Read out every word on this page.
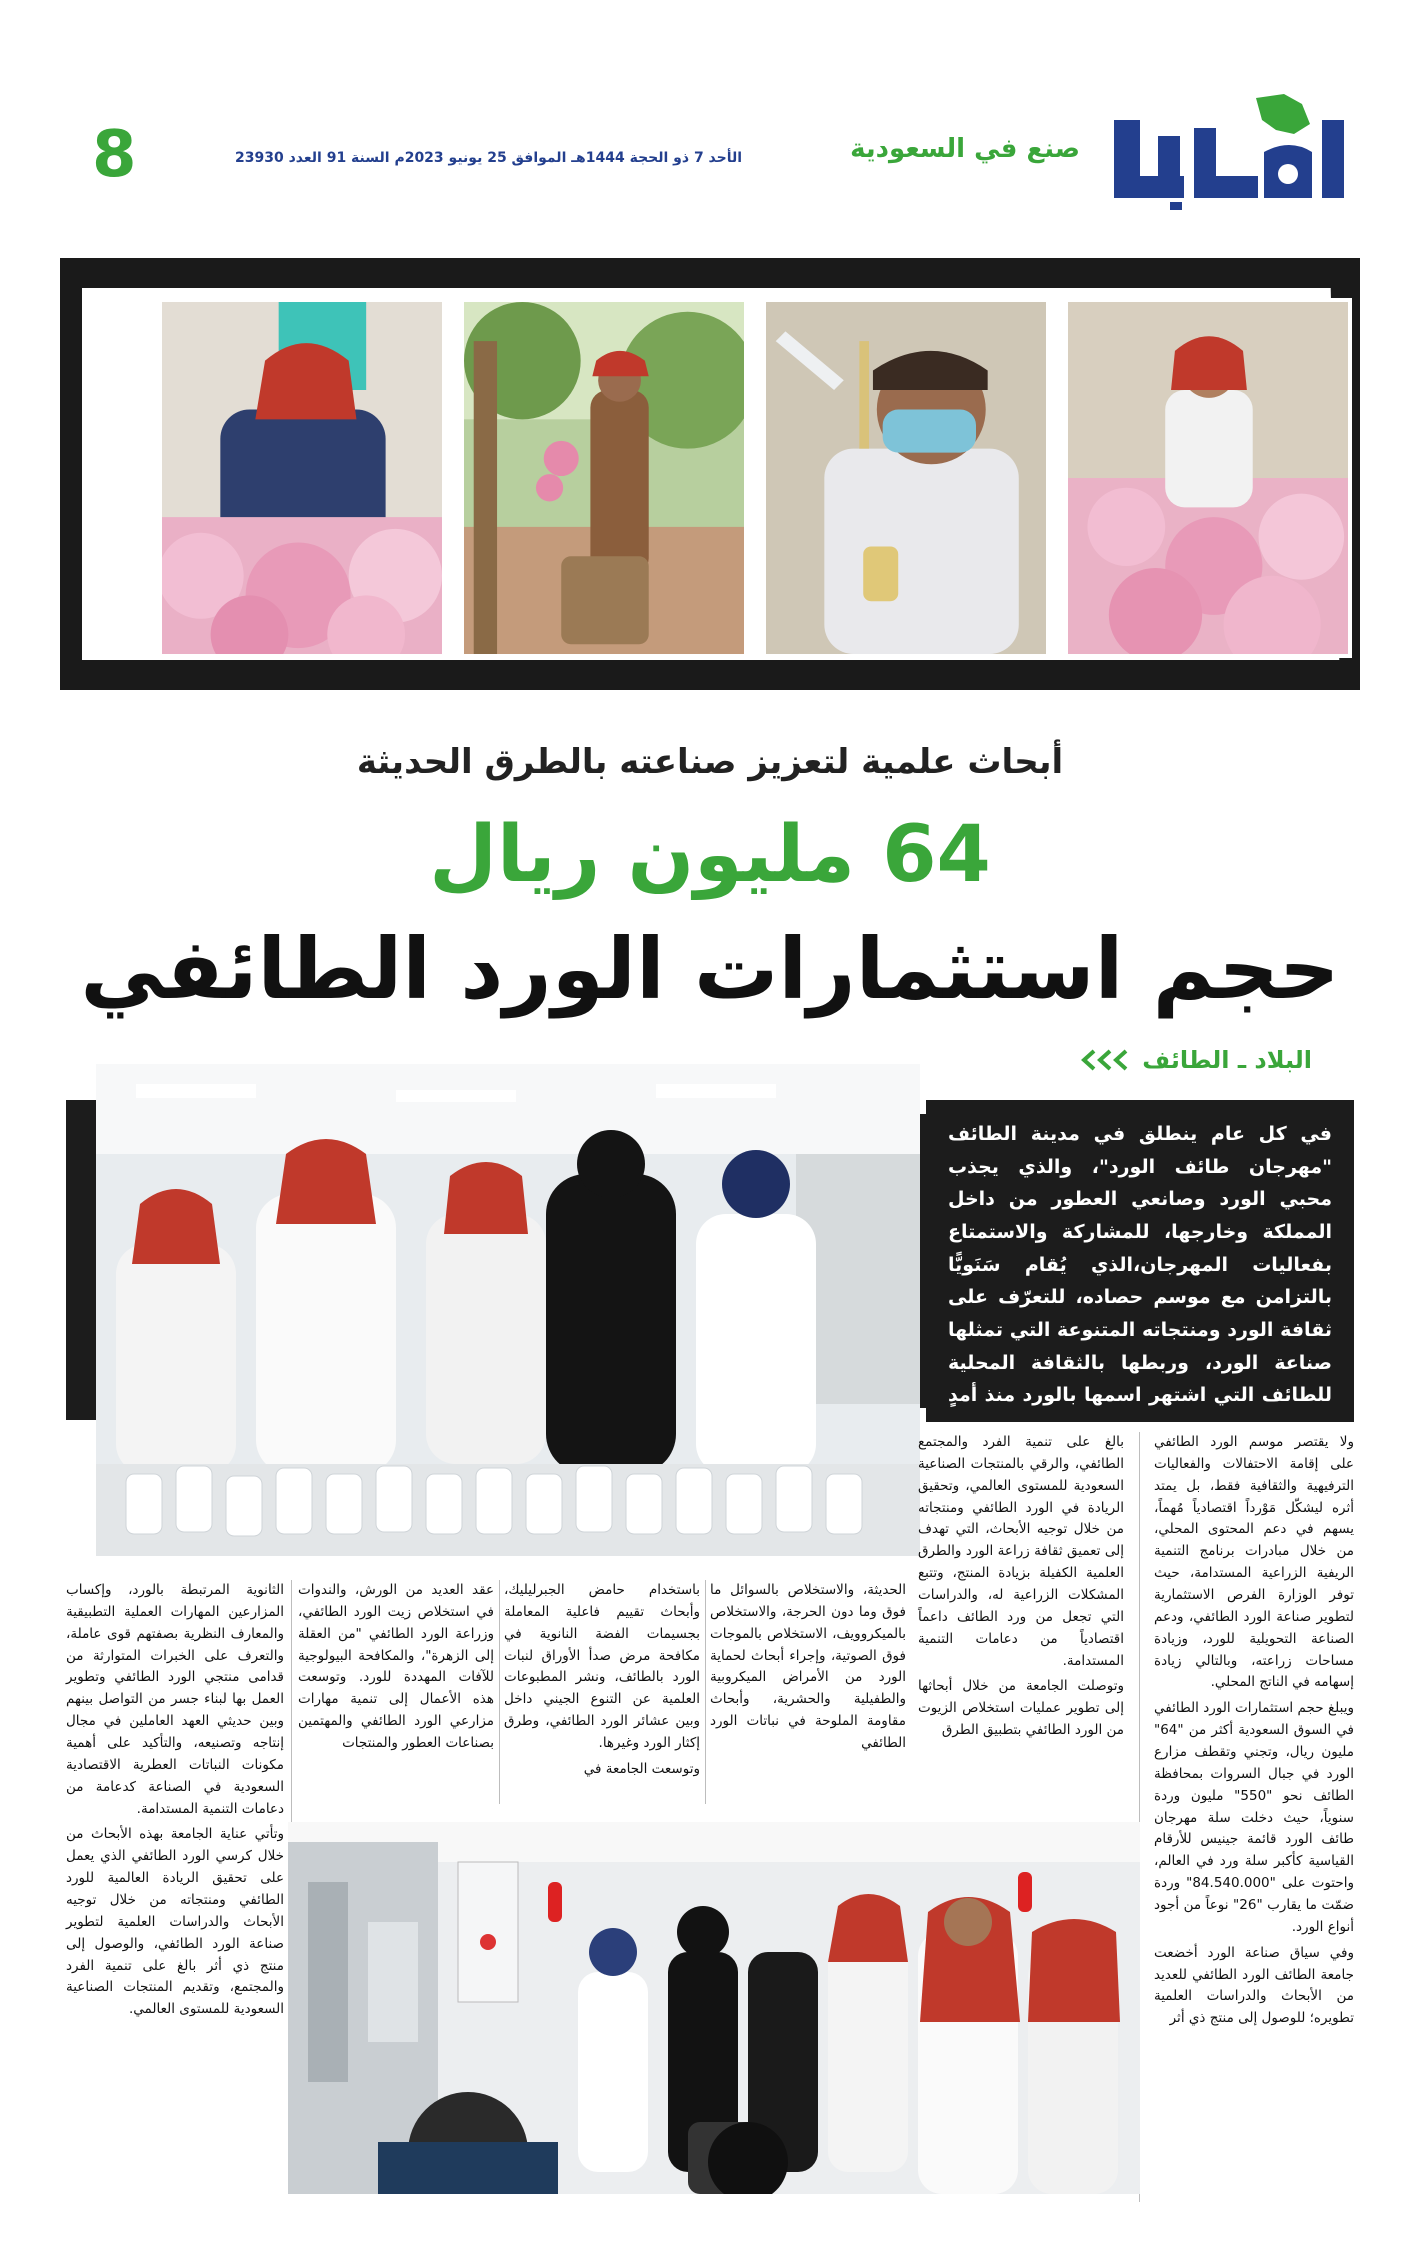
صنع في السعودية
الأحد 7 ذو الحجة 1444هـ الموافق 25 يونيو 2023م السنة 91 العدد 23930
8
أبحاث علمية لتعزيز صناعته بالطرق الحديثة
64 مليون ريال
حجم استثمارات الورد الطائفي
البلاد ـ الطائف
في كل عام ينطلق في مدينة الطائف "مهرجان طائف الورد"، والذي يجذب محبي الورد وصانعي العطور من داخل المملكة وخارجها، للمشاركة والاستمتاع بفعاليات المهرجان،الذي يُقام سَنَويًّا بالتزامن مع موسم حصاده، للتعرّف على ثقافة الورد ومنتجاته المتنوعة التي تمثلها صناعة الورد، وربطها بالثقافة المحلية للطائف التي اشتهر اسمها بالورد منذ أمدٍ بعيد.

ولا يقتصر موسم الورد الطائفي على إقامة الاحتفالات والفعاليات الترفيهية والثقافية فقط، بل يمتد أثره ليشكّل مَوْرداً اقتصادياً مُهماً، يسهم في دعم المحتوى المحلي، من خلال مبادرات برنامج التنمية الريفية الزراعية المستدامة، حيث توفر الوزارة الفرص الاستثمارية لتطوير صناعة الورد الطائفي، ودعم الصناعة التحويلية للورد، وزيادة مساحات زراعته، وبالتالي زيادة إسهامه في الناتج المحلي.

ويبلغ حجم استثمارات الورد الطائفي في السوق السعودية أكثر من "64" مليون ريال، وتجني وتقطف مزارع الورد في جبال السروات بمحافظة الطائف نحو "550" مليون وردة سنوياً، حيث دخلت سلة مهرجان طائف الورد قائمة جينيس للأرقام القياسية كأكبر سلة ورد في العالم، واحتوت على "84.540.000" وردة ضمّت ما يقارب "26" نوعاً من أجود أنواع الورد.

وفي سياق صناعة الورد أخضعت جامعة الطائف الورد الطائفي للعديد من الأبحاث والدراسات العلمية تطويره؛ للوصول إلى منتج ذي أثر

بالغ على تنمية الفرد والمجتمع الطائفي، والرقي بالمنتجات الصناعية السعودية للمستوى العالمي، وتحقيق الريادة في الورد الطائفي ومنتجاته من خلال توجيه الأبحاث، التي تهدف إلى تعميق ثقافة زراعة الورد والطرق العلمية الكفيلة بزيادة المنتج، وتتبع المشكلات الزراعية له، والدراسات التي تجعل من ورد الطائف داعماً اقتصادياً من دعامات التنمية المستدامة.

وتوصلت الجامعة من خلال أبحاثها إلى تطوير عمليات استخلاص الزيوت من الورد الطائفي بتطبيق الطرق

الحديثة، والاستخلاص بالسوائل ما فوق وما دون الحرجة، والاستخلاص بالميكروويف، الاستخلاص بالموجات فوق الصوتية، وإجراء أبحاث لحماية الورد من الأمراض الميكروبية والطفيلية والحشرية، وأبحاث مقاومة الملوحة في نباتات الورد الطائفي

باستخدام حامض الجبرليليك، وأبحاث تقييم فاعلية المعاملة بجسيمات الفضة النانوية في مكافحة مرض صدأ الأوراق لنبات الورد بالطائف، ونشر المطبوعات العلمية عن التنوع الجيني داخل وبين عشائر الورد الطائفي، وطرق إكثار الورد وغيرها.

وتوسعت الجامعة في

عقد العديد من الورش، والندوات في استخلاص زيت الورد الطائفي، وزراعة الورد الطائفي "من العقلة إلى الزهرة"، والمكافحة البيولوجية للآفات المهددة للورد. وتوسعت هذه الأعمال إلى تنمية مهارات مزارعي الورد الطائفي والمهتمين بصناعات العطور والمنتجات

الثانوية المرتبطة بالورد، وإكساب المزارعين المهارات العملية التطبيقية والمعارف النظرية بصفتهم قوى عاملة، والتعرف على الخبرات المتوارثة من قدامى منتجي الورد الطائفي وتطوير العمل بها لبناء جسر من التواصل بينهم وبين حديثي العهد العاملين في مجال إنتاجه وتصنيعه، والتأكيد على أهمية مكونات النباتات العطرية الاقتصادية السعودية في الصناعة كدعامة من دعامات التنمية المستدامة.

وتأتي عناية الجامعة بهذه الأبحاث من خلال كرسي الورد الطائفي الذي يعمل على تحقيق الريادة العالمية للورد الطائفي ومنتجاته من خلال توجيه الأبحاث والدراسات العلمية لتطوير صناعة الورد الطائفي، والوصول إلى منتج ذي أثر بالغ على تنمية الفرد والمجتمع، وتقديم المنتجات الصناعية السعودية للمستوى العالمي.
